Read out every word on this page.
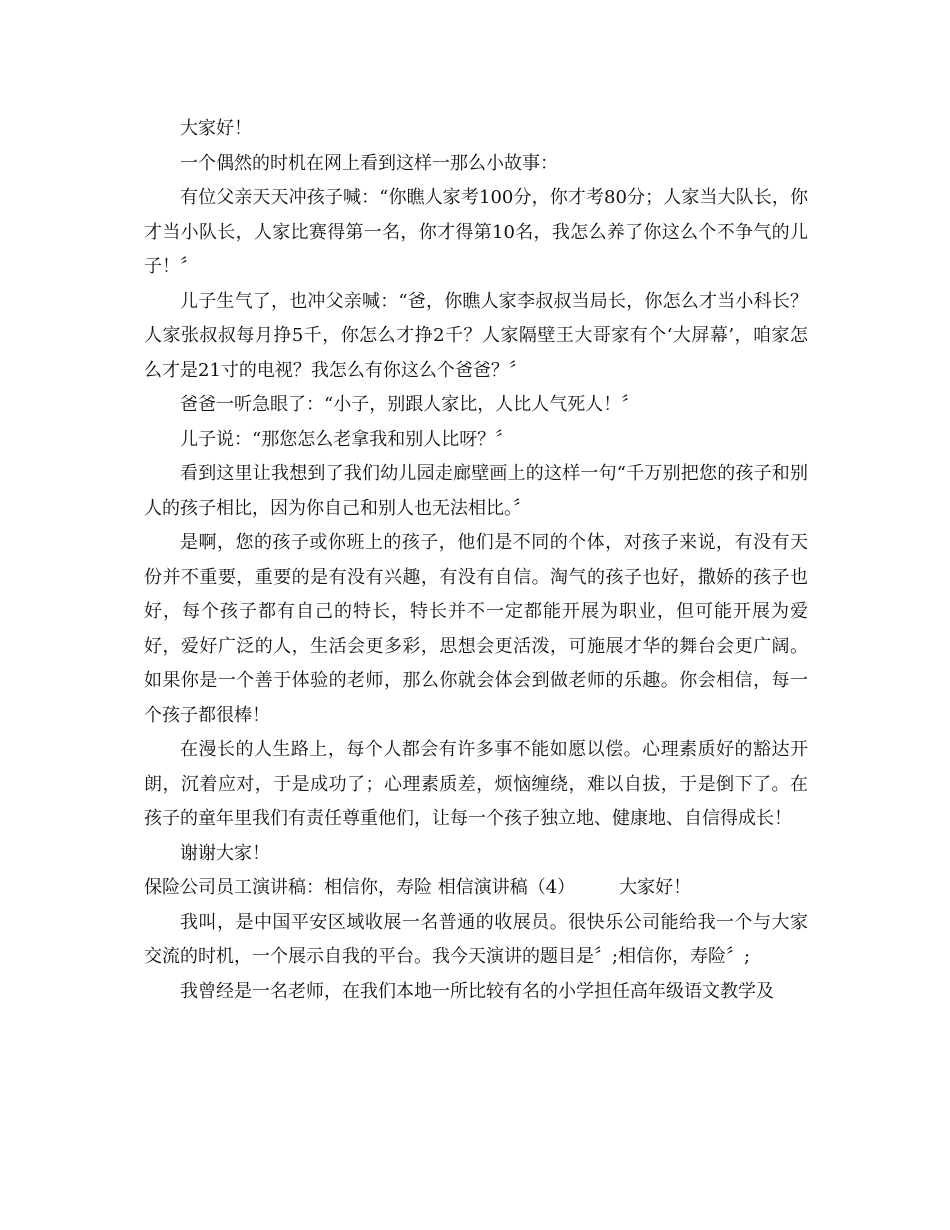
大家好！

一个偶然的时机在网上看到这样一那么小故事：

有位父亲天天冲孩子喊：“你瞧人家考100分，你才考80分；人家当大队长，你才当小队长，人家比赛得第一名，你才得第10名，我怎么养了你这么个不争气的儿子！〞

儿子生气了，也冲父亲喊：“爸，你瞧人家李叔叔当局长，你怎么才当小科长？人家张叔叔每月挣5千，你怎么才挣2千？人家隔壁王大哥家有个‘大屏幕’，咱家怎么才是21寸的电视？我怎么有你这么个爸爸？〞

爸爸一听急眼了：“小子，别跟人家比，人比人气死人！〞

儿子说：“那您怎么老拿我和别人比呀？〞

看到这里让我想到了我们幼儿园走廊壁画上的这样一句“千万别把您的孩子和别人的孩子相比，因为你自己和别人也无法相比。〞

是啊，您的孩子或你班上的孩子，他们是不同的个体，对孩子来说，有没有天份并不重要，重要的是有没有兴趣，有没有自信。淘气的孩子也好，撒娇的孩子也好，每个孩子都有自己的特长，特长并不一定都能开展为职业，但可能开展为爱好，爱好广泛的人，生活会更多彩，思想会更活泼，可施展才华的舞台会更广阔。如果你是一个善于体验的老师，那么你就会体会到做老师的乐趣。你会相信，每一个孩子都很棒！

在漫长的人生路上，每个人都会有许多事不能如愿以偿。心理素质好的豁达开朗，沉着应对，于是成功了；心理素质差，烦恼缠绕，难以自拔，于是倒下了。在孩子的童年里我们有责任尊重他们，让每一个孩子独立地、健康地、自信得成长！

谢谢大家！

保险公司员工演讲稿：相信你，寿险 相信演讲稿（4） 大家好！

我叫，是中国平安区域收展一名普通的收展员。很快乐公司能给我一个与大家交流的时机，一个展示自我的平台。我今天演讲的题目是〞;相信你，寿险〞;

我曾经是一名老师，在我们本地一所比较有名的小学担任高年级语文教学及
